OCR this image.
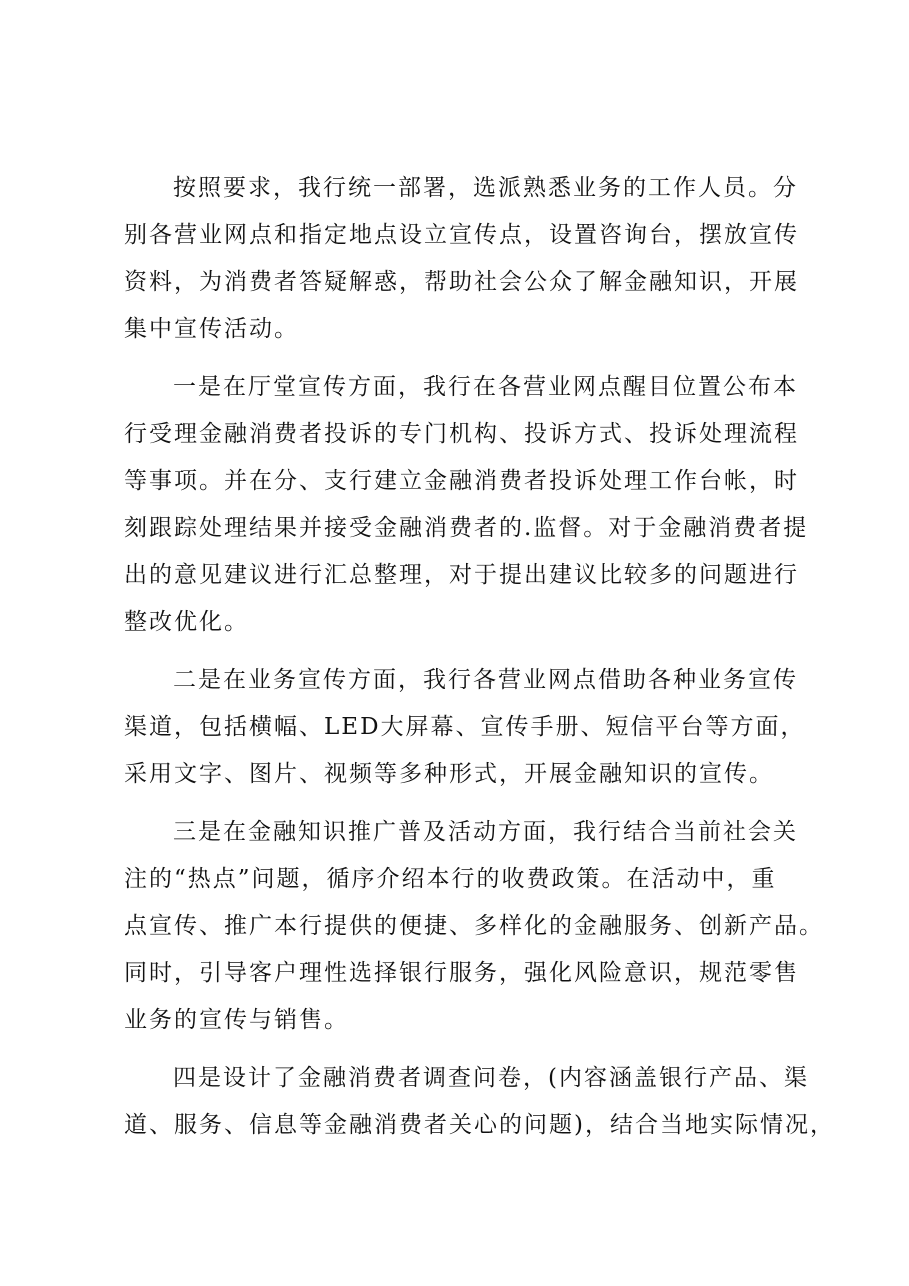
按照要求，我行统一部署，选派熟悉业务的工作人员。分
别各营业网点和指定地点设立宣传点，设置咨询台，摆放宣传
资料，为消费者答疑解惑，帮助社会公众了解金融知识，开展
集中宣传活动。
一是在厅堂宣传方面，我行在各营业网点醒目位置公布本
行受理金融消费者投诉的专门机构、投诉方式、投诉处理流程
等事项。并在分、支行建立金融消费者投诉处理工作台帐，时
刻跟踪处理结果并接受金融消费者的.监督。对于金融消费者提
出的意见建议进行汇总整理，对于提出建议比较多的问题进行
整改优化。
二是在业务宣传方面，我行各营业网点借助各种业务宣传
渠道，包括横幅、LED大屏幕、宣传手册、短信平台等方面，
采用文字、图片、视频等多种形式，开展金融知识的宣传。
三是在金融知识推广普及活动方面，我行结合当前社会关
注的“热点”问题，循序介绍本行的收费政策。在活动中，重
点宣传、推广本行提供的便捷、多样化的金融服务、创新产品。
同时，引导客户理性选择银行服务，强化风险意识，规范零售
业务的宣传与销售。
四是设计了金融消费者调查问卷，(内容涵盖银行产品、渠
道、服务、信息等金融消费者关心的问题)，结合当地实际情况，
